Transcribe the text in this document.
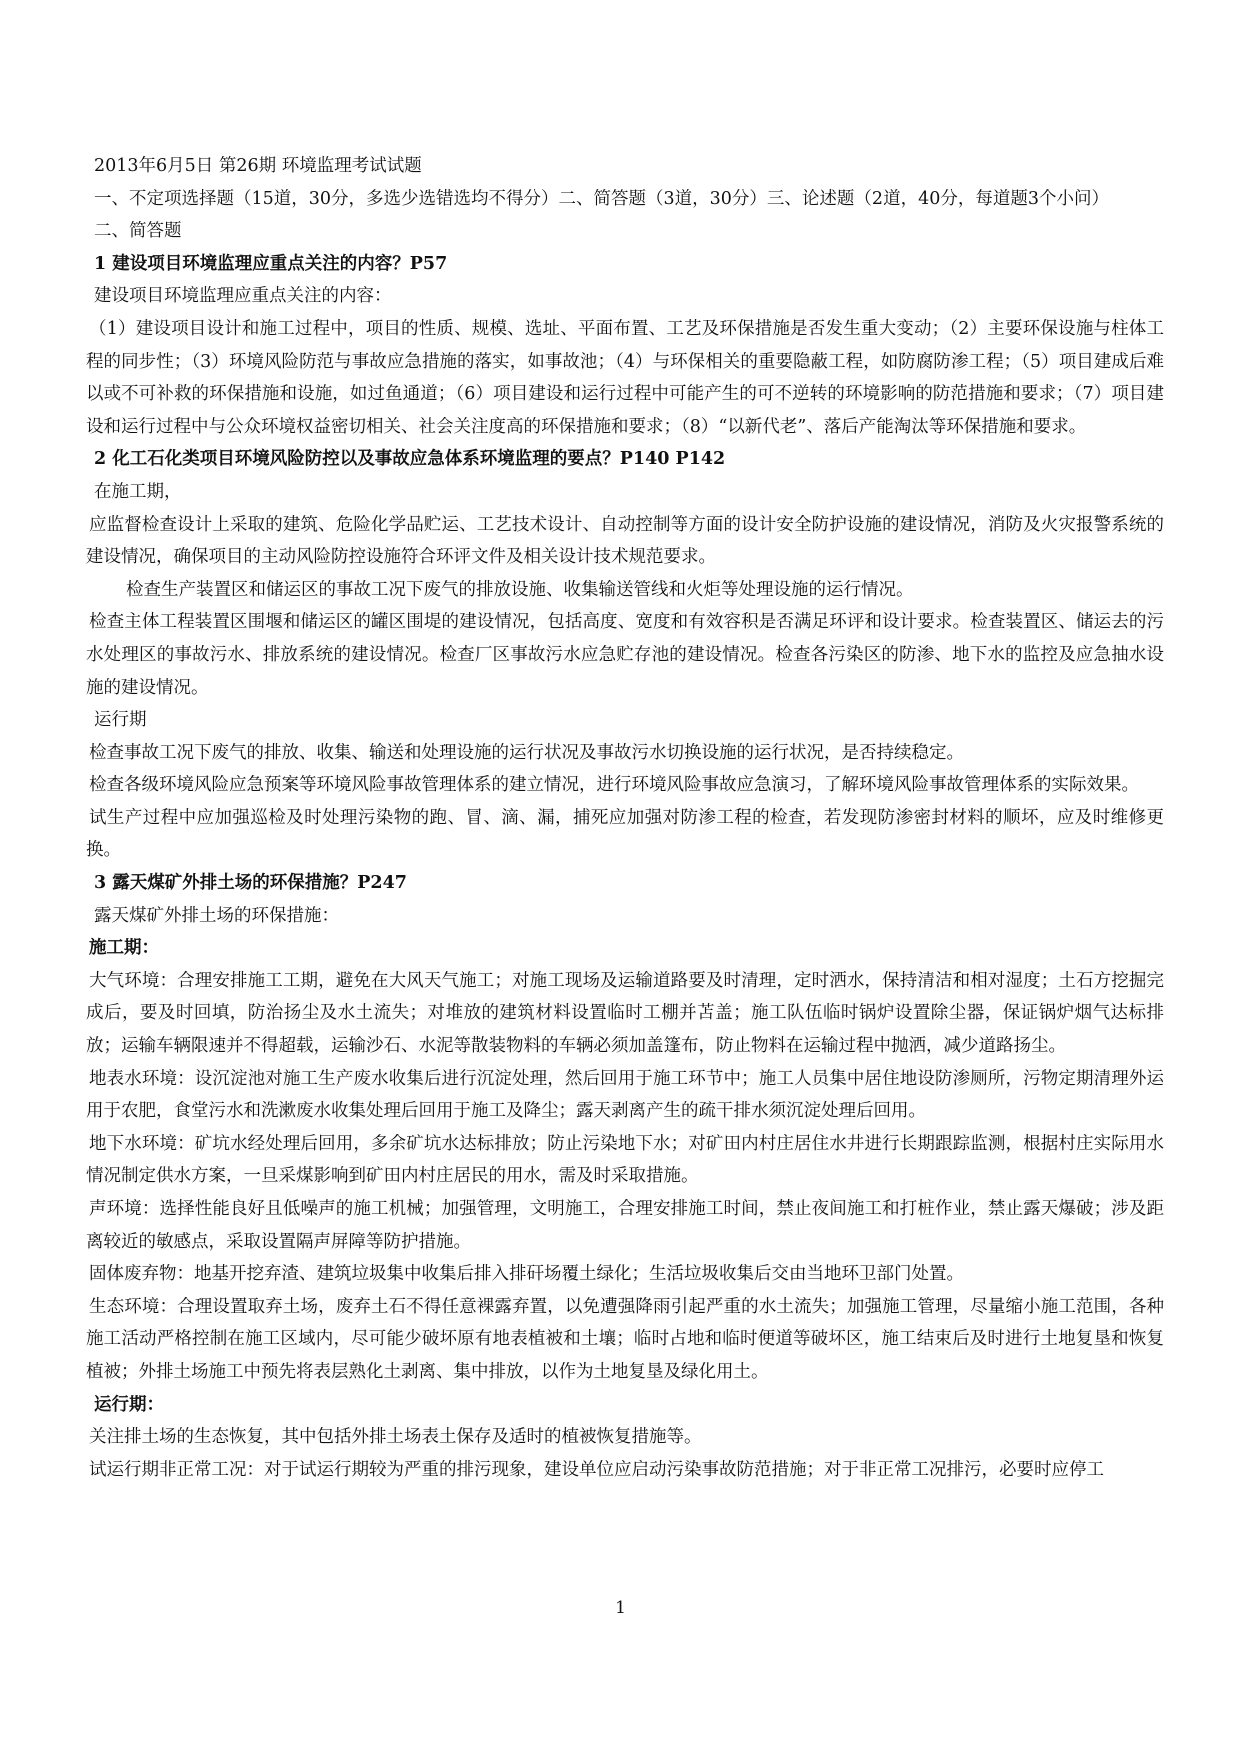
2013年6月5日 第26期 环境监理考试试题

一、不定项选择题（15道，30分，多选少选错选均不得分）二、简答题（3道，30分）三、论述题（2道，40分，每道题3个小问）

二、简答题

1 建设项目环境监理应重点关注的内容？P57

建设项目环境监理应重点关注的内容：

（1）建设项目设计和施工过程中，项目的性质、规模、选址、平面布置、工艺及环保措施是否发生重大变动；（2）主要环保设施与柱体工程的同步性；（3）环境风险防范与事故应急措施的落实，如事故池；（4）与环保相关的重要隐蔽工程，如防腐防渗工程；（5）项目建成后难以或不可补救的环保措施和设施，如过鱼通道；（6）项目建设和运行过程中可能产生的可不逆转的环境影响的防范措施和要求；（7）项目建设和运行过程中与公众环境权益密切相关、社会关注度高的环保措施和要求；（8）“以新代老”、落后产能淘汰等环保措施和要求。

2 化工石化类项目环境风险防控以及事故应急体系环境监理的要点？P140 P142

在施工期，

应监督检查设计上采取的建筑、危险化学品贮运、工艺技术设计、自动控制等方面的设计安全防护设施的建设情况，消防及火灾报警系统的建设情况，确保项目的主动风险防控设施符合环评文件及相关设计技术规范要求。

检查生产装置区和储运区的事故工况下废气的排放设施、收集输送管线和火炬等处理设施的运行情况。

检查主体工程装置区围堰和储运区的罐区围堤的建设情况，包括高度、宽度和有效容积是否满足环评和设计要求。检查装置区、储运去的污水处理区的事故污水、排放系统的建设情况。检查厂区事故污水应急贮存池的建设情况。检查各污染区的防渗、地下水的监控及应急抽水设施的建设情况。

运行期

检查事故工况下废气的排放、收集、输送和处理设施的运行状况及事故污水切换设施的运行状况，是否持续稳定。

检查各级环境风险应急预案等环境风险事故管理体系的建立情况，进行环境风险事故应急演习，了解环境风险事故管理体系的实际效果。

试生产过程中应加强巡检及时处理污染物的跑、冒、滴、漏，捕死应加强对防渗工程的检查，若发现防渗密封材料的顺坏，应及时维修更换。

3 露天煤矿外排土场的环保措施？P247

露天煤矿外排土场的环保措施：

施工期：

大气环境：合理安排施工工期，避免在大风天气施工；对施工现场及运输道路要及时清理，定时洒水，保持清洁和相对湿度；土石方挖掘完成后，要及时回填，防治扬尘及水土流失；对堆放的建筑材料设置临时工棚并苫盖；施工队伍临时锅炉设置除尘器，保证锅炉烟气达标排放；运输车辆限速并不得超载，运输沙石、水泥等散装物料的车辆必须加盖篷布，防止物料在运输过程中抛洒，减少道路扬尘。

地表水环境：设沉淀池对施工生产废水收集后进行沉淀处理，然后回用于施工环节中；施工人员集中居住地设防渗厕所，污物定期清理外运用于农肥，食堂污水和洗漱废水收集处理后回用于施工及降尘；露天剥离产生的疏干排水须沉淀处理后回用。

地下水环境：矿坑水经处理后回用，多余矿坑水达标排放；防止污染地下水；对矿田内村庄居住水井进行长期跟踪监测，根据村庄实际用水情况制定供水方案，一旦采煤影响到矿田内村庄居民的用水，需及时采取措施。

声环境：选择性能良好且低噪声的施工机械；加强管理，文明施工，合理安排施工时间，禁止夜间施工和打桩作业，禁止露天爆破；涉及距离较近的敏感点，采取设置隔声屏障等防护措施。

固体废弃物：地基开挖弃渣、建筑垃圾集中收集后排入排矸场覆土绿化；生活垃圾收集后交由当地环卫部门处置。

生态环境：合理设置取弃土场，废弃土石不得任意裸露弃置，以免遭强降雨引起严重的水土流失；加强施工管理，尽量缩小施工范围，各种施工活动严格控制在施工区域内，尽可能少破坏原有地表植被和土壤；临时占地和临时便道等破坏区，施工结束后及时进行土地复垦和恢复植被；外排土场施工中预先将表层熟化土剥离、集中排放，以作为土地复垦及绿化用土。

运行期：

关注排土场的生态恢复，其中包括外排土场表土保存及适时的植被恢复措施等。

试运行期非正常工况：对于试运行期较为严重的排污现象，建设单位应启动污染事故防范措施；对于非正常工况排污，必要时应停工

1
